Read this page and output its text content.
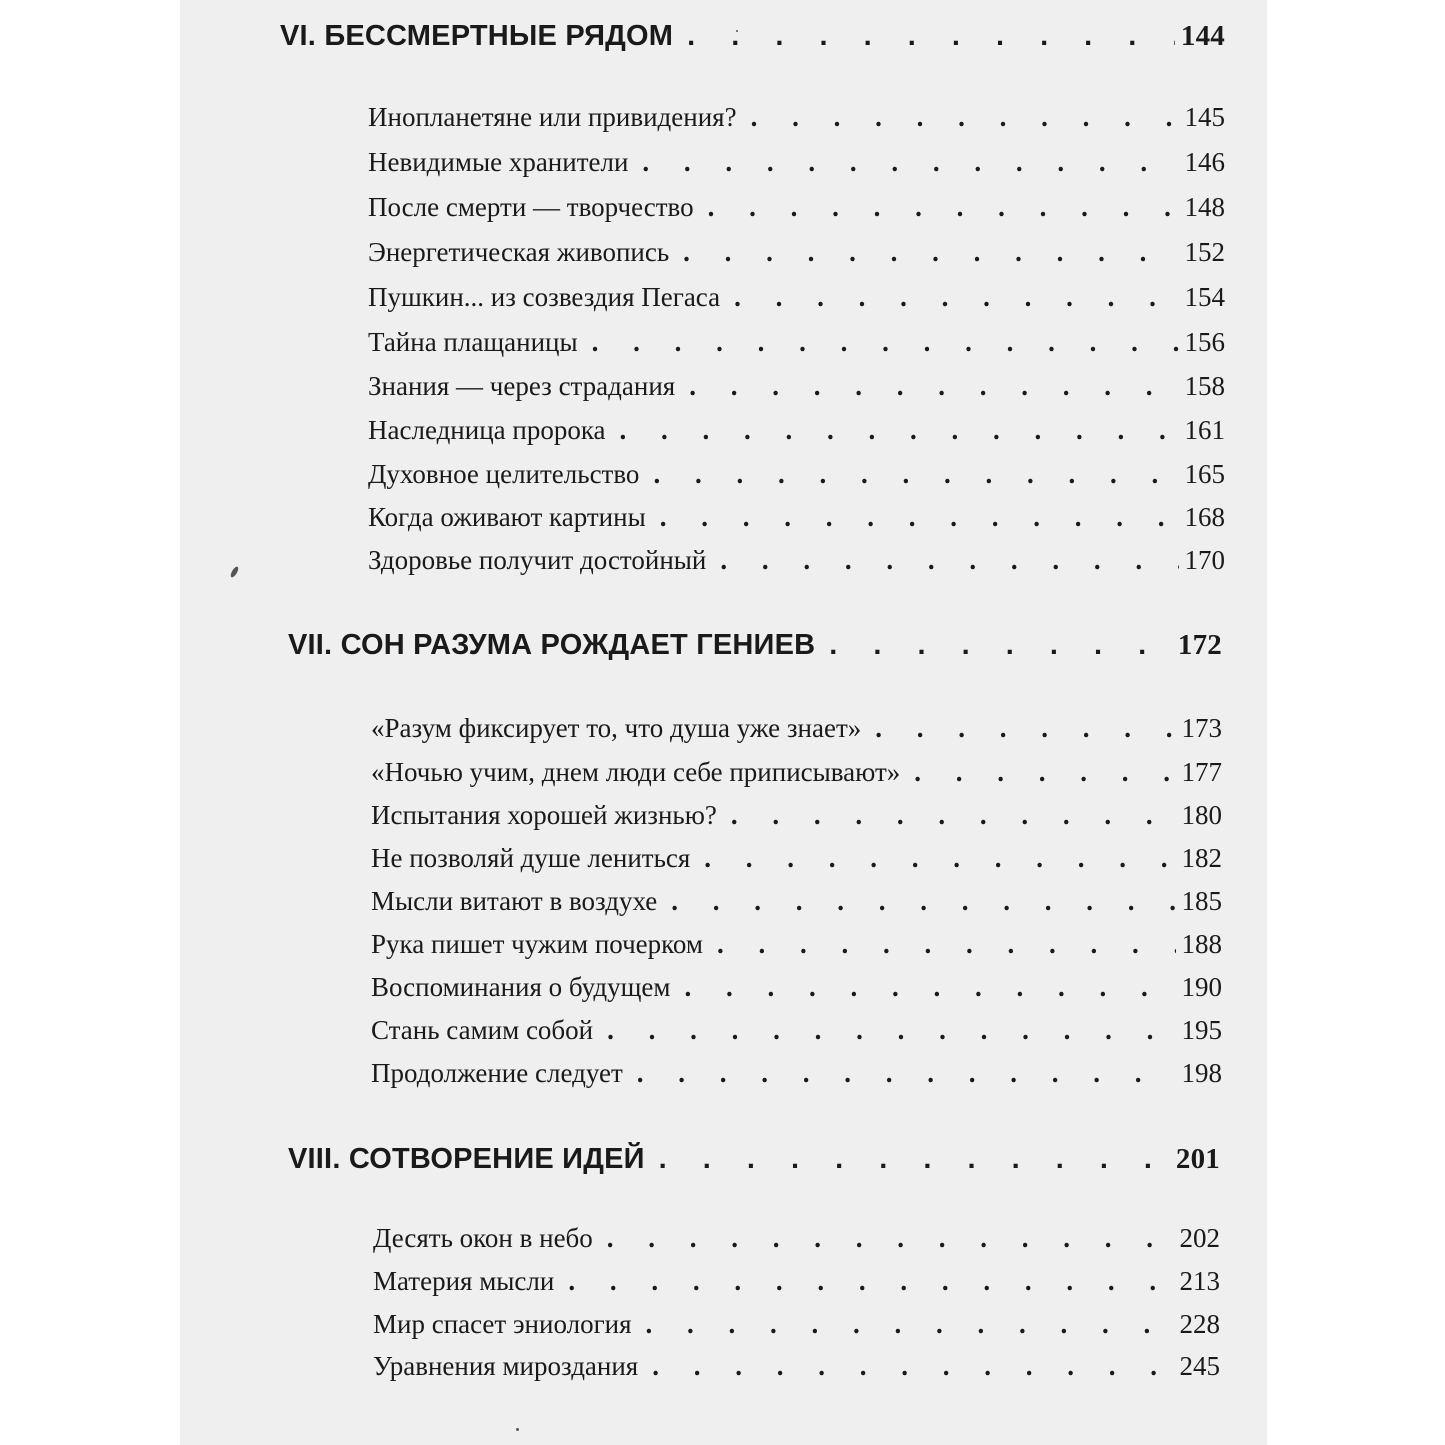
VI. БЕССМЕРТНЫЕ РЯДОМ . . .	144
Инопланетяне или привидения? . . .	145
Невидимые хранители . . .	146
После смерти — творчество . . .	148
Энергетическая живопись . . .	152
Пушкин... из созвездия Пегаса . . .	154
Тайна плащаницы . . .	156
Знания — через страдания . . .	158
Наследница пророка . . .	161
Духовное целительство . . .	165
Когда оживают картины . . .	168
Здоровье получит достойный . . .	170
VII. СОН РАЗУМА РОЖДАЕТ ГЕНИЕВ . . .	172
«Разум фиксирует то, что душа уже знает» . . .	173
«Ночью учим, днем люди себе приписывают» . . .	177
Испытания хорошей жизнью? . . .	180
Не позволяй душе лениться . . .	182
Мысли витают в воздухе . . .	185
Рука пишет чужим почерком . . .	188
Воспоминания о будущем . . .	190
Стань самим собой . . .	195
Продолжение следует . . .	198
VIII. СОТВОРЕНИЕ ИДЕЙ . . .	201
Десять окон в небо . . .	202
Материя мысли . . .	213
Мир спасет эниология . . .	228
Уравнения мироздания . . .	245
